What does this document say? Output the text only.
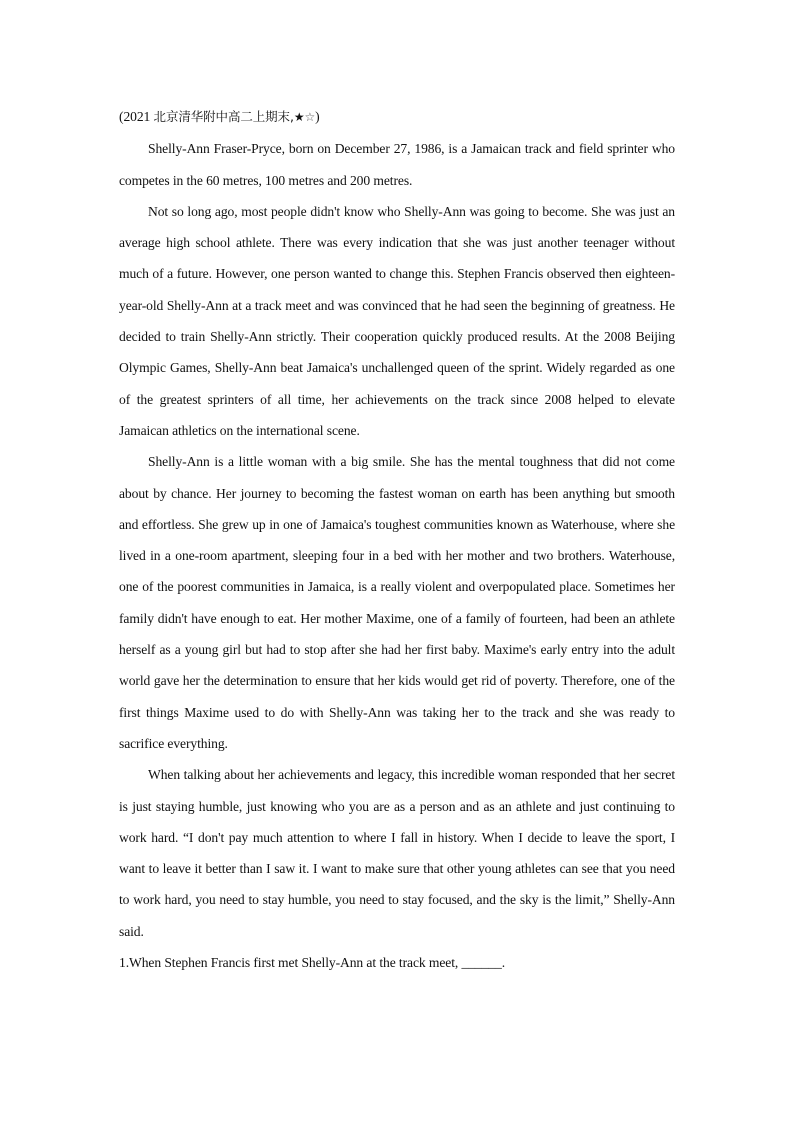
(2021 北京清华附中高二上期末,★☆)

Shelly-Ann Fraser-Pryce, born on December 27, 1986, is a Jamaican track and field sprinter who competes in the 60 metres, 100 metres and 200 metres.

Not so long ago, most people didn't know who Shelly-Ann was going to become. She was just an average high school athlete. There was every indication that she was just another teenager without much of a future. However, one person wanted to change this. Stephen Francis observed then eighteen-year-old Shelly-Ann at a track meet and was convinced that he had seen the beginning of greatness. He decided to train Shelly-Ann strictly. Their cooperation quickly produced results. At the 2008 Beijing Olympic Games, Shelly-Ann beat Jamaica's unchallenged queen of the sprint. Widely regarded as one of the greatest sprinters of all time, her achievements on the track since 2008 helped to elevate Jamaican athletics on the international scene.

Shelly-Ann is a little woman with a big smile. She has the mental toughness that did not come about by chance. Her journey to becoming the fastest woman on earth has been anything but smooth and effortless. She grew up in one of Jamaica's toughest communities known as Waterhouse, where she lived in a one-room apartment, sleeping four in a bed with her mother and two brothers. Waterhouse, one of the poorest communities in Jamaica, is a really violent and overpopulated place. Sometimes her family didn't have enough to eat. Her mother Maxime, one of a family of fourteen, had been an athlete herself as a young girl but had to stop after she had her first baby. Maxime's early entry into the adult world gave her the determination to ensure that her kids would get rid of poverty. Therefore, one of the first things Maxime used to do with Shelly-Ann was taking her to the track and she was ready to sacrifice everything.

When talking about her achievements and legacy, this incredible woman responded that her secret is just staying humble, just knowing who you are as a person and as an athlete and just continuing to work hard. “I don't pay much attention to where I fall in history. When I decide to leave the sport, I want to leave it better than I saw it. I want to make sure that other young athletes can see that you need to work hard, you need to stay humble, you need to stay focused, and the sky is the limit,” Shelly-Ann said.

1.When Stephen Francis first met Shelly-Ann at the track meet, ______.
